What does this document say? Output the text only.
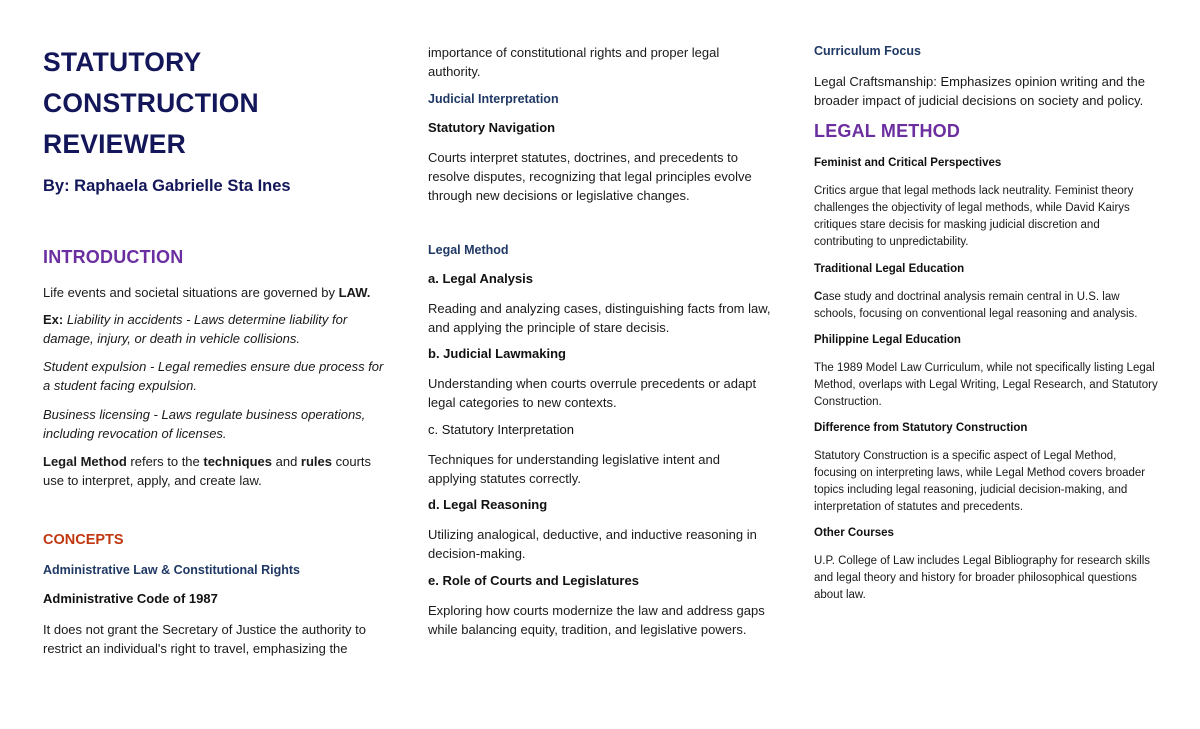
STATUTORY
CONSTRUCTION
REVIEWER

By: Raphaela Gabrielle Sta Ines

INTRODUCTION

Life events and societal situations are governed by LAW.

Ex: Liability in accidents - Laws determine liability for damage, injury, or death in vehicle collisions.

Student expulsion - Legal remedies ensure due process for a student facing expulsion.

Business licensing - Laws regulate business operations, including revocation of licenses.

Legal Method refers to the techniques and rules courts use to interpret, apply, and create law.

CONCEPTS

Administrative Law & Constitutional Rights

Administrative Code of 1987

It does not grant the Secretary of Justice the authority to restrict an individual's right to travel, emphasizing the

importance of constitutional rights and proper legal authority.

Judicial Interpretation

Statutory Navigation

Courts interpret statutes, doctrines, and precedents to resolve disputes, recognizing that legal principles evolve through new decisions or legislative changes.

Legal Method

a. Legal Analysis

Reading and analyzing cases, distinguishing facts from law, and applying the principle of stare decisis.

b. Judicial Lawmaking

Understanding when courts overrule precedents or adapt legal categories to new contexts.

c. Statutory Interpretation

Techniques for understanding legislative intent and applying statutes correctly.

d. Legal Reasoning

Utilizing analogical, deductive, and inductive reasoning in decision-making.

e. Role of Courts and Legislatures

Exploring how courts modernize the law and address gaps while balancing equity, tradition, and legislative powers.

Curriculum Focus

Legal Craftsmanship: Emphasizes opinion writing and the broader impact of judicial decisions on society and policy.

LEGAL METHOD

Feminist and Critical Perspectives

Critics argue that legal methods lack neutrality. Feminist theory challenges the objectivity of legal methods, while David Kairys critiques stare decisis for masking judicial discretion and contributing to unpredictability.

Traditional Legal Education

Case study and doctrinal analysis remain central in U.S. law schools, focusing on conventional legal reasoning and analysis.

Philippine Legal Education

The 1989 Model Law Curriculum, while not specifically listing Legal Method, overlaps with Legal Writing, Legal Research, and Statutory Construction.

Difference from Statutory Construction

Statutory Construction is a specific aspect of Legal Method, focusing on interpreting laws, while Legal Method covers broader topics including legal reasoning, judicial decision-making, and interpretation of statutes and precedents.

Other Courses

U.P. College of Law includes Legal Bibliography for research skills and legal theory and history for broader philosophical questions about law.
